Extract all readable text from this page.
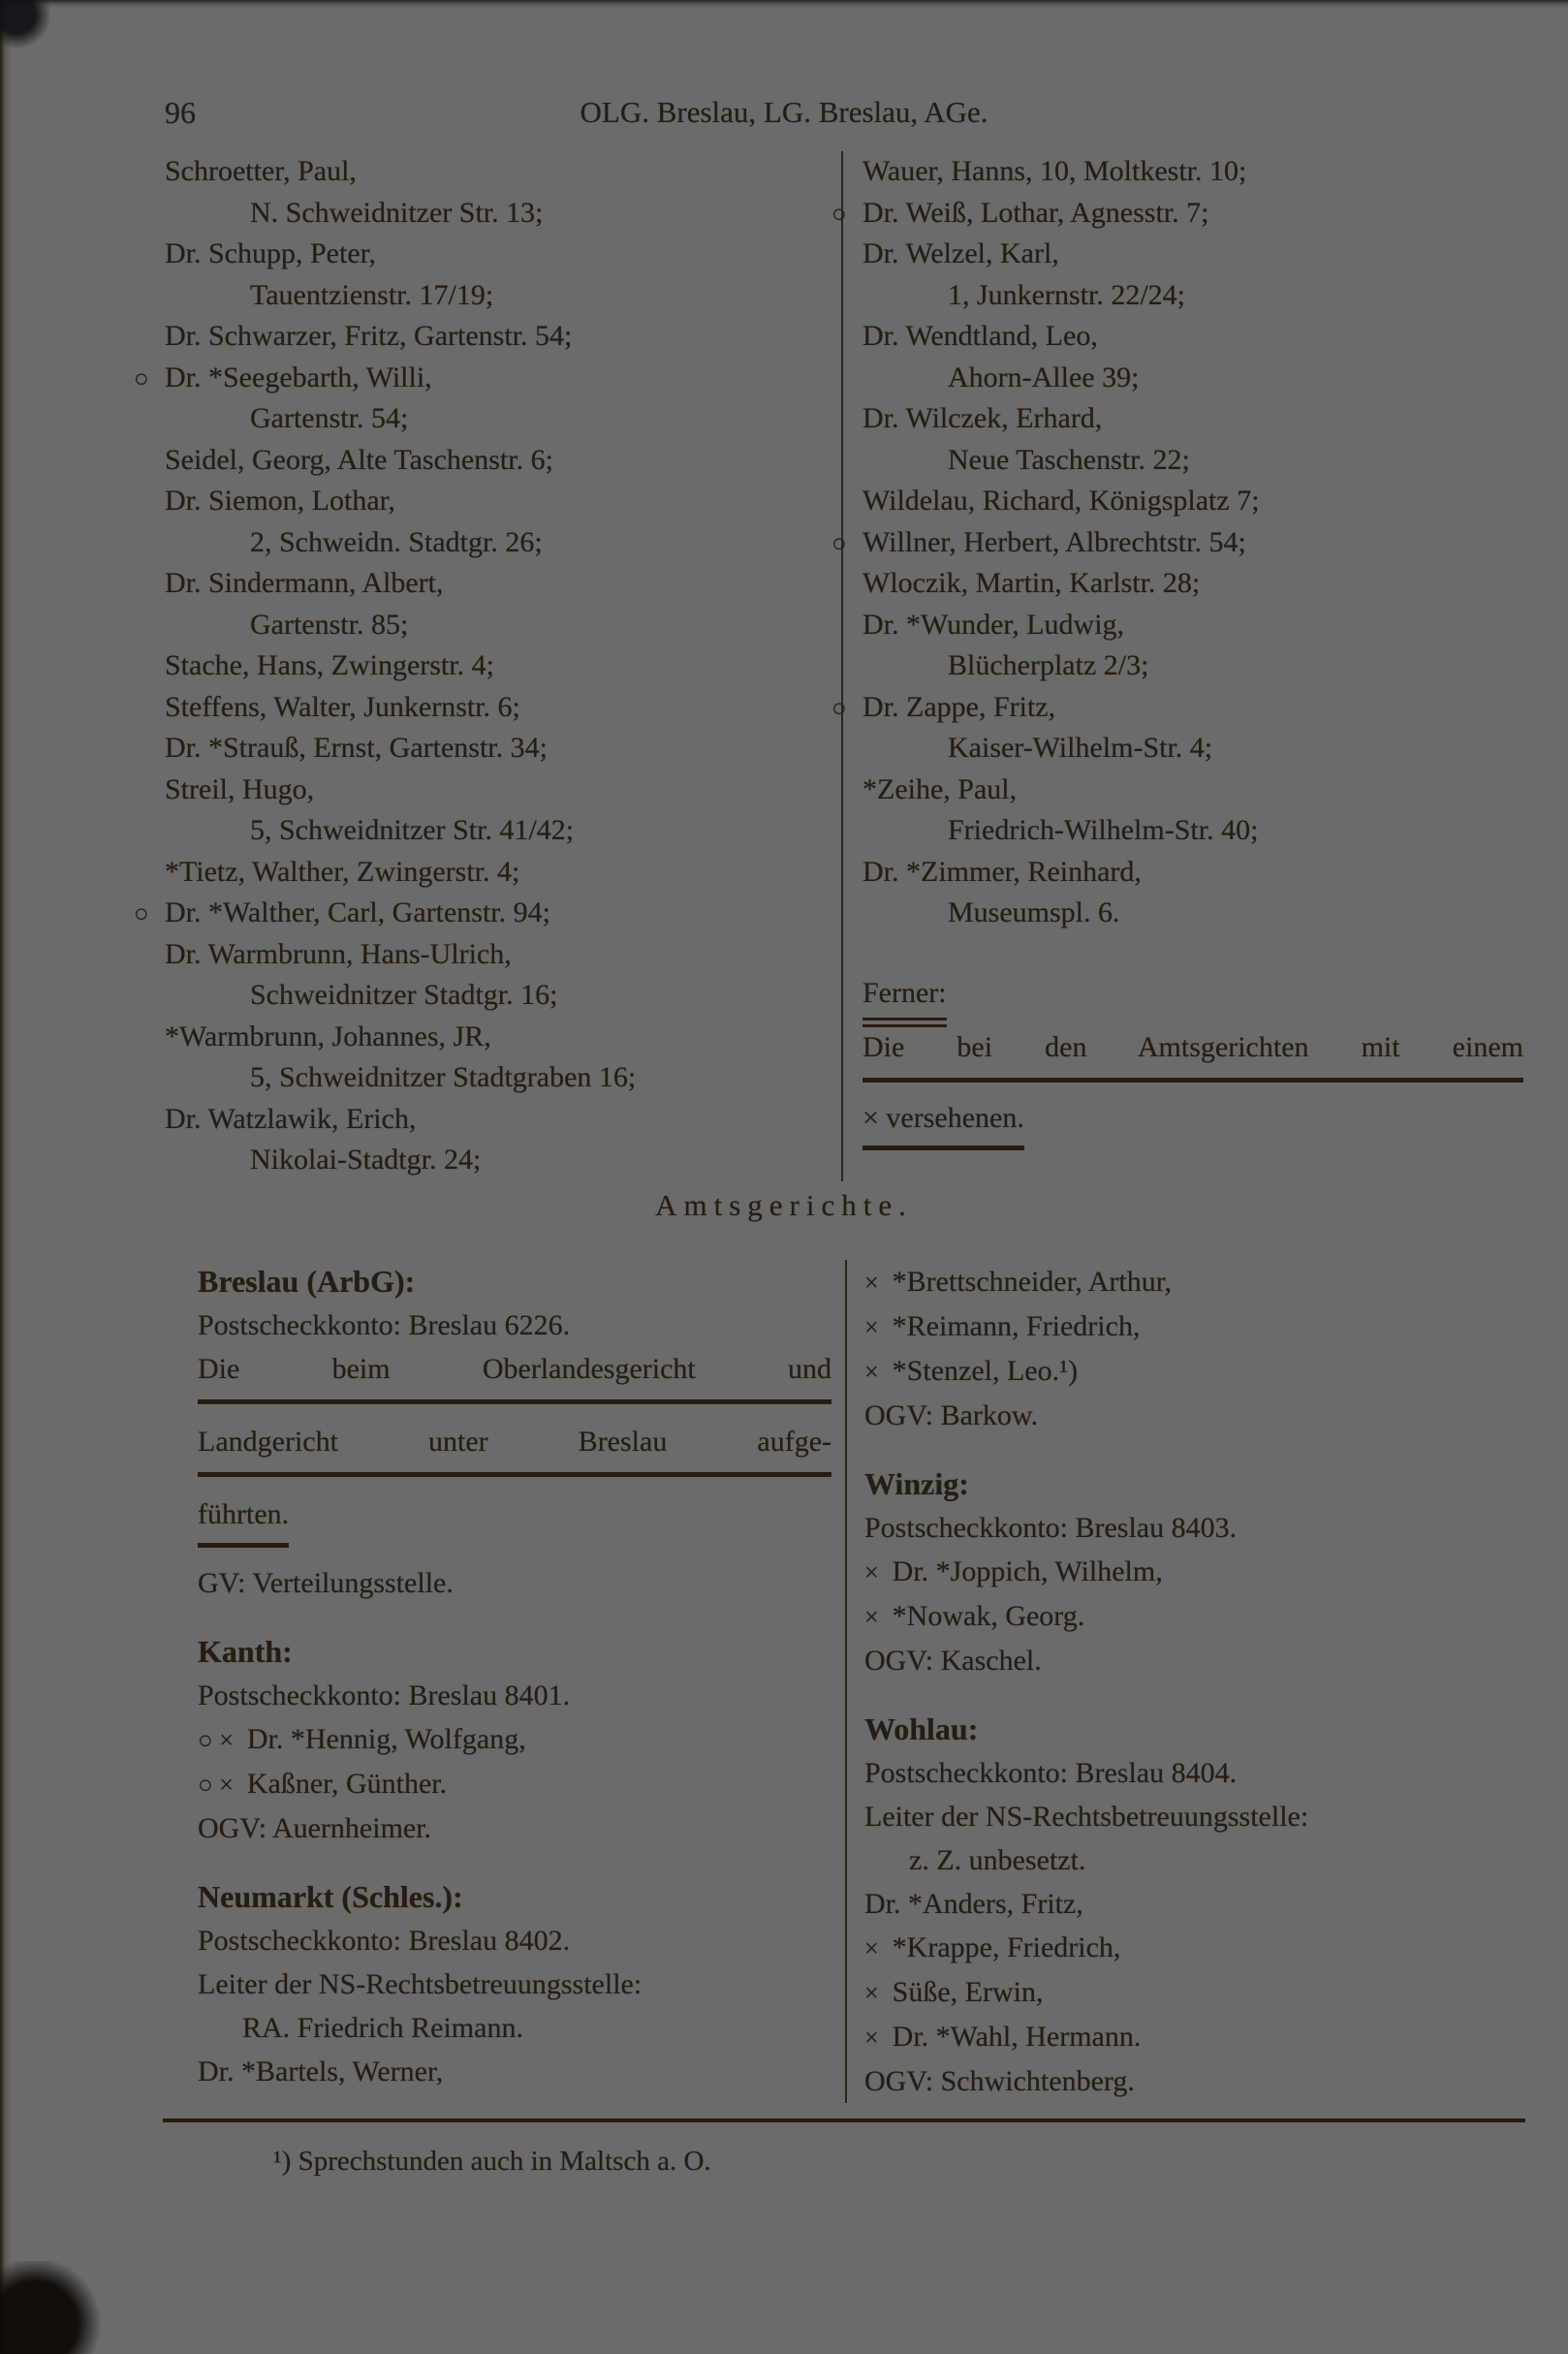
96	OLG. Breslau, LG. Breslau, AGe.
Schroetter, Paul,
N. Schweidnitzer Str. 13;
Dr. Schupp, Peter,
Tauentzienstr. 17/19;
Dr. Schwarzer, Fritz, Gartenstr. 54;
○ Dr. *Seegebarth, Willi,
Gartenstr. 54;
Seidel, Georg, Alte Taschenstr. 6;
Dr. Siemon, Lothar,
2, Schweidn. Stadtgr. 26;
Dr. Sindermann, Albert,
Gartenstr. 85;
Stache, Hans, Zwingerstr. 4;
Steffens, Walter, Junkernstr. 6;
Dr. *Strauß, Ernst, Gartenstr. 34;
Streil, Hugo,
5, Schweidnitzer Str. 41/42;
*Tietz, Walther, Zwingerstr. 4;
○ Dr. *Walther, Carl, Gartenstr. 94;
Dr. Warmbrunn, Hans-Ulrich,
Schweidnitzer Stadtgr. 16;
*Warmbrunn, Johannes, JR,
5, Schweidnitzer Stadtgraben 16;
Dr. Watzlawik, Erich,
Nikolai-Stadtgr. 24;
Wauer, Hanns, 10, Moltkestr. 10;
○ Dr. Weiß, Lothar, Agnesstr. 7;
Dr. Welzel, Karl,
1, Junkernstr. 22/24;
Dr. Wendtland, Leo,
Ahorn-Allee 39;
Dr. Wilczek, Erhard,
Neue Taschenstr. 22;
Wildelau, Richard, Königsplatz 7;
○ Willner, Herbert, Albrechtstr. 54;
Wloczik, Martin, Karlstr. 28;
Dr. *Wunder, Ludwig,
Blücherplatz 2/3;
○ Dr. Zappe, Fritz,
Kaiser-Wilhelm-Str. 4;
*Zeihe, Paul,
Friedrich-Wilhelm-Str. 40;
Dr. *Zimmer, Reinhard,
Museumspl. 6.
Ferner:
Die bei den Amtsgerichten mit einem
× versehenen.
Amtsgerichte.
Breslau (ArbG):
Postscheckkonto: Breslau 6226.
Die beim Oberlandesgericht und
Landgericht unter Breslau aufge-
führten.
GV: Verteilungsstelle.
Kanth:
Postscheckkonto: Breslau 8401.
○ × Dr. *Hennig, Wolfgang,
○ × Kaßner, Günther.
OGV: Auernheimer.
Neumarkt (Schles.):
Postscheckkonto: Breslau 8402.
Leiter der NS-Rechtsbetreuungsstelle:
RA. Friedrich Reimann.
Dr. *Bartels, Werner,
× *Brettschneider, Arthur,
× *Reimann, Friedrich,
× *Stenzel, Leo.¹)
OGV: Barkow.
Winzig:
Postscheckkonto: Breslau 8403.
× Dr. *Joppich, Wilhelm,
× *Nowak, Georg.
OGV: Kaschel.
Wohlau:
Postscheckkonto: Breslau 8404.
Leiter der NS-Rechtsbetreuungsstelle:
z. Z. unbesetzt.
Dr. *Anders, Fritz,
× *Krappe, Friedrich,
× Süße, Erwin,
× Dr. *Wahl, Hermann.
OGV: Schwichtenberg.
¹) Sprechstunden auch in Maltsch a. O.
